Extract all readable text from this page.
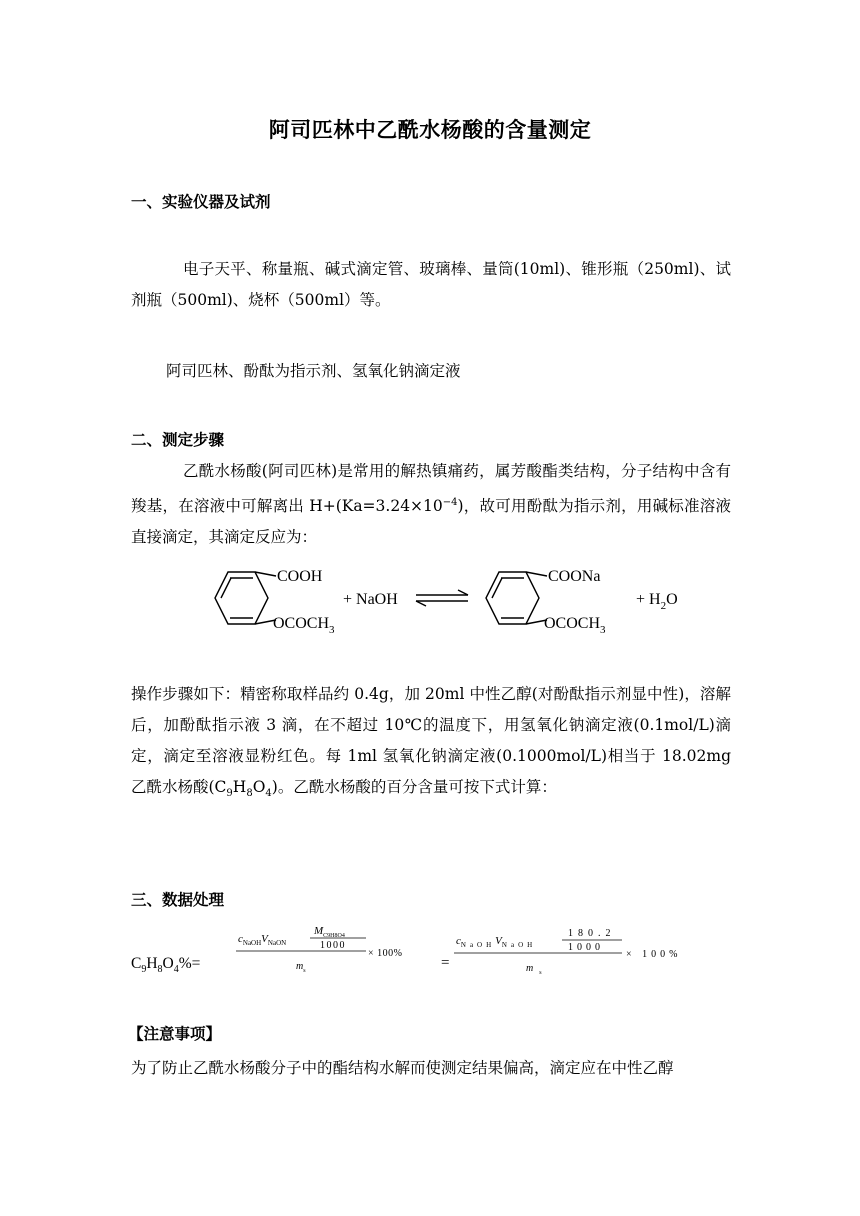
阿司匹林中乙酰水杨酸的含量测定
一、实验仪器及试剂
电子天平、称量瓶、碱式滴定管、玻璃棒、量筒(10ml)、锥形瓶（250ml)、试剂瓶（500ml)、烧杯（500ml）等。
阿司匹林、酚酞为指示剂、氢氧化钠滴定液
二、测定步骤
乙酰水杨酸(阿司匹林)是常用的解热镇痛药，属芳酸酯类结构，分子结构中含有羧基，在溶液中可解离出 $H+(Ka=3.24\times 10^{-4})$，故可用酚酞为指示剂，用碱标准溶液直接滴定，其滴定反应为：
COOH
$OCOCH_3$
+ NaOH
COONa
$OCOCH_3$
+ $H_2O$
操作步骤如下：精密称取样品约 0.4g，加 20ml 中性乙醇(对酚酞指示剂显中性)，溶解后，加酚酞指示液 3 滴，在不超过 10℃的温度下，用氢氧化钠滴定液(0.1mol/L)滴定，滴定至溶液显粉红色。每 1ml 氢氧化钠滴定液(0.1000mol/L)相当于 18.02mg 乙酰水杨酸$(C_9H_8O_4)$。乙酰水杨酸的百分含量可按下式计算：
三、数据处理
$C_9H_8O_4\%=$
$c_{NaOH}V_{NaON}$
$M_{C9H8O4}$
1000
× 100%
$m_s$	=
$c_{NaOH}V_{NaOH}$
180.2
1000
× 100%
m $_s$
【注意事项】
为了防止乙酰水杨酸分子中的酯结构水解而使测定结果偏高，滴定应在中性乙醇
